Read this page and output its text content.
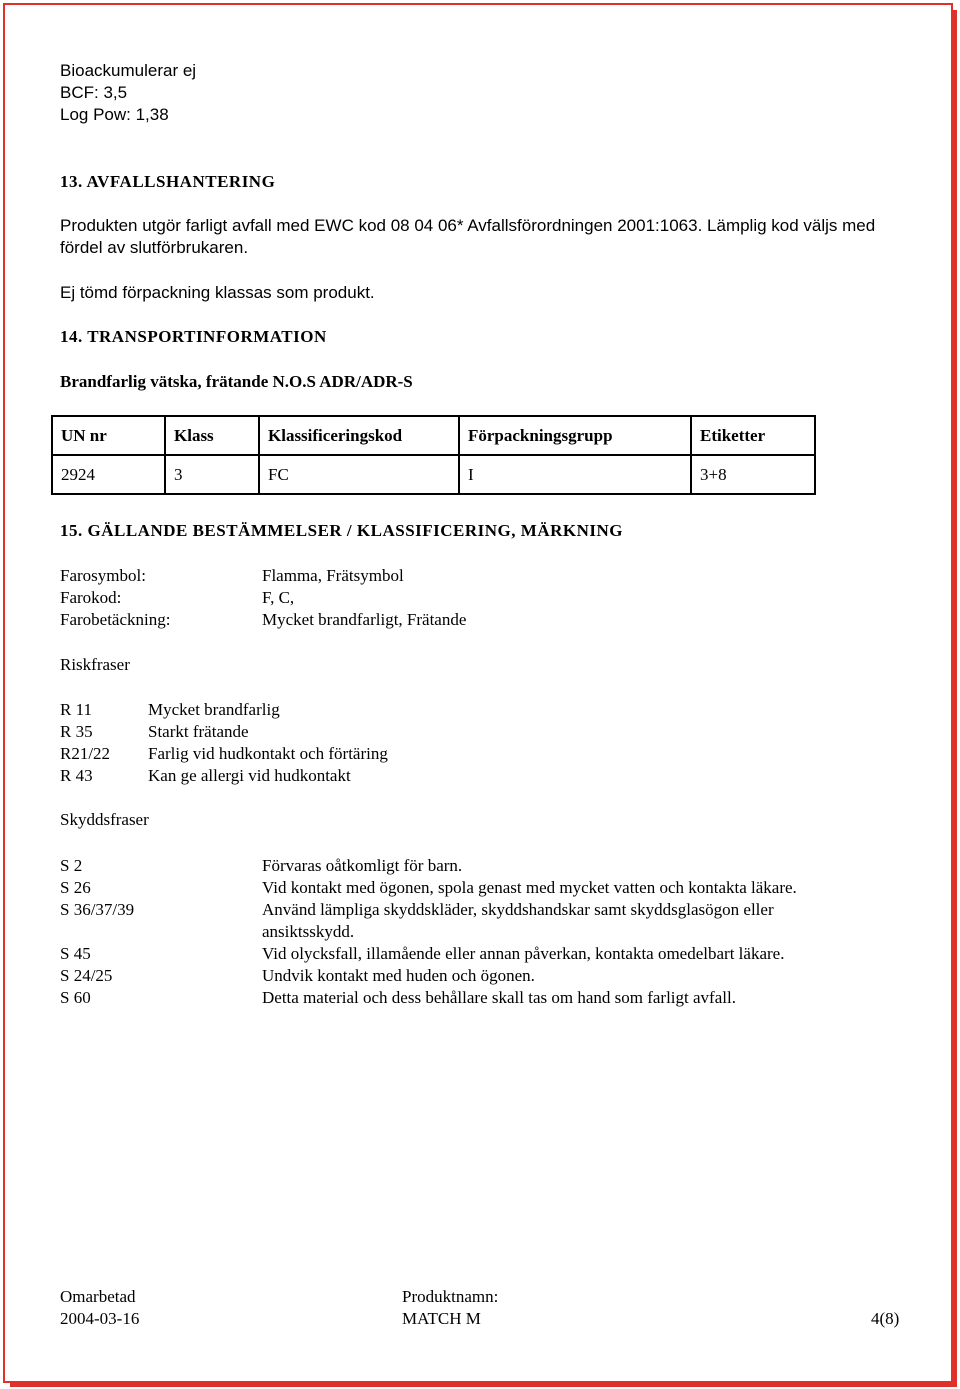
Bioackumulerar ej
BCF: 3,5
Log Pow: 1,38
13. AVFALLSHANTERING
Produkten utgör farligt avfall med EWC kod 08 04 06* Avfallsförordningen 2001:1063. Lämplig kod väljs med
fördel av slutförbrukaren.
Ej tömd förpackning klassas som produkt.
14. TRANSPORTINFORMATION
Brandfarlig vätska, frätande N.O.S ADR/ADR-S
UN nr	Klass	Klassificeringskod	Förpackningsgrupp	Etiketter
2924	3	FC	I	3+8
15. GÄLLANDE BESTÄMMELSER / KLASSIFICERING, MÄRKNING
Farosymbol:	Flamma, Frätsymbol
Farokod:	F, C,
Farobetäckning:	Mycket brandfarligt, Frätande
Riskfraser
R 11	Mycket brandfarlig
R 35	Starkt frätande
R21/22 Farlig vid hudkontakt och förtäring
R 43	Kan ge allergi vid hudkontakt
Skyddsfraser
S 2	Förvaras oåtkomligt för barn.
S 26	Vid kontakt med ögonen, spola genast med mycket vatten och kontakta läkare.
S 36/37/39	Använd lämpliga skyddskläder, skyddshandskar samt skyddsglasögon eller
ansiktsskydd.
S 45	Vid olycksfall, illamående eller annan påverkan, kontakta omedelbart läkare.
S 24/25	Undvik kontakt med huden och ögonen.
S 60	Detta material och dess behållare skall tas om hand som farligt avfall.
Omarbetad
2004-03-16
Produktnamn:
MATCH M	4(8)
